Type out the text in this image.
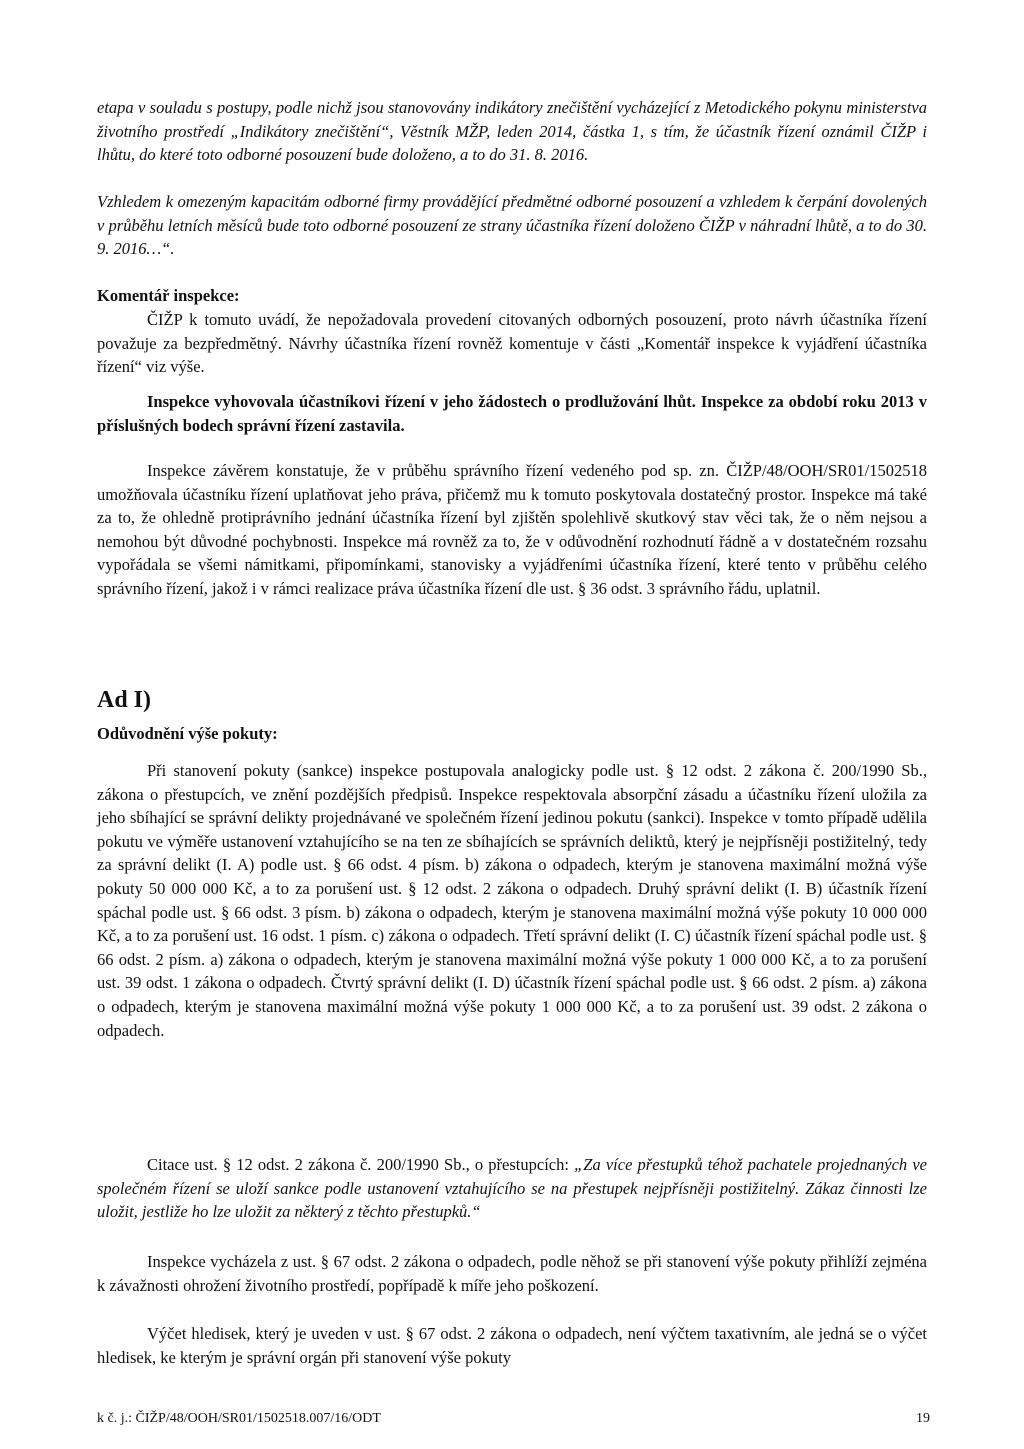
etapa v souladu s postupy, podle nichž jsou stanovovány indikátory znečištění vycházející z Metodického pokynu ministerstva životního prostředí „Indikátory znečištění“, Věstník MŽP, leden 2014, částka 1, s tím, že účastník řízení oznámil ČIŽP i lhůtu, do které toto odborné posouzení bude doloženo, a to do 31. 8. 2016.

Vzhledem k omezeným kapacitám odborné firmy provádějící předmětné odborné posouzení a vzhledem k čerpání dovolených v průběhu letních měsíců bude toto odborné posouzení ze strany účastníka řízení doloženo ČIŽP v náhradní lhůtě, a to do 30. 9. 2016…“.

Komentář inspekce:

ČIŽP k tomuto uvádí, že nepožadovala provedení citovaných odborných posouzení, proto návrh účastníka řízení považuje za bezpředmětný. Návrhy účastníka řízení rovněž komentuje v části „Komentář inspekce k vyjádření účastníka řízení“ viz výše.

Inspekce vyhovovala účastníkovi řízení v jeho žádostech o prodlužování lhůt. Inspekce za období roku 2013 v příslušných bodech správní řízení zastavila.

Inspekce závěrem konstatuje, že v průběhu správního řízení vedeného pod sp. zn. ČIŽP/48/OOH/SR01/1502518 umožňovala účastníku řízení uplatňovat jeho práva, přičemž mu k tomuto poskytovala dostatečný prostor. Inspekce má také za to, že ohledně protiprávního jednání účastníka řízení byl zjištěn spolehlivě skutkový stav věci tak, že o něm nejsou a nemohou být důvodné pochybnosti. Inspekce má rovněž za to, že v odůvodnění rozhodnutí řádně a v dostatečném rozsahu vypořádala se všemi námitkami, připomínkami, stanovisky a vyjádřeními účastníka řízení, které tento v průběhu celého správního řízení, jakož i v rámci realizace práva účastníka řízení dle ust. § 36 odst. 3 správního řádu, uplatnil.

Ad I)

Odůvodnění výše pokuty:

Při stanovení pokuty (sankce) inspekce postupovala analogicky podle ust. § 12 odst. 2 zákona č. 200/1990 Sb., zákona o přestupcích, ve znění pozdějších předpisů. Inspekce respektovala absorpční zásadu a účastníku řízení uložila za jeho sbíhající se správní delikty projednávané ve společném řízení jedinou pokutu (sankci). Inspekce v tomto případě udělila pokutu ve výměře ustanovení vztahujícího se na ten ze sbíhajících se správních deliktů, který je nejpřísněji postižitelný, tedy za správní delikt (I. A) podle ust. § 66 odst. 4 písm. b) zákona o odpadech, kterým je stanovena maximální možná výše pokuty 50 000 000 Kč, a to za porušení ust. § 12 odst. 2 zákona o odpadech. Druhý správní delikt (I. B) účastník řízení spáchal podle ust. § 66 odst. 3 písm. b) zákona o odpadech, kterým je stanovena maximální možná výše pokuty 10 000 000 Kč, a to za porušení ust. 16 odst. 1 písm. c) zákona o odpadech. Třetí správní delikt (I. C) účastník řízení spáchal podle ust. § 66 odst. 2 písm. a) zákona o odpadech, kterým je stanovena maximální možná výše pokuty 1 000 000 Kč, a to za porušení ust. 39 odst. 1 zákona o odpadech. Čtvrtý správní delikt (I. D) účastník řízení spáchal podle ust. § 66 odst. 2 písm. a) zákona o odpadech, kterým je stanovena maximální možná výše pokuty 1 000 000 Kč, a to za porušení ust. 39 odst. 2 zákona o odpadech.

Citace ust. § 12 odst. 2 zákona č. 200/1990 Sb., o přestupcích: „Za více přestupků téhož pachatele projednaných ve společném řízení se uloží sankce podle ustanovení vztahujícího se na přestupek nejpřísněji postižitelný. Zákaz činnosti lze uložit, jestliže ho lze uložit za některý z těchto přestupků.“

Inspekce vycházela z ust. § 67 odst. 2 zákona o odpadech, podle něhož se při stanovení výše pokuty přihlíží zejména k závažnosti ohrožení životního prostředí, popřípadě k míře jeho poškození.

Výčet hledisek, který je uveden v ust. § 67 odst. 2 zákona o odpadech, není výčtem taxativním, ale jedná se o výčet hledisek, ke kterým je správní orgán při stanovení výše pokuty

k č. j.: ČIŽP/48/OOH/SR01/1502518.007/16/ODT	19
